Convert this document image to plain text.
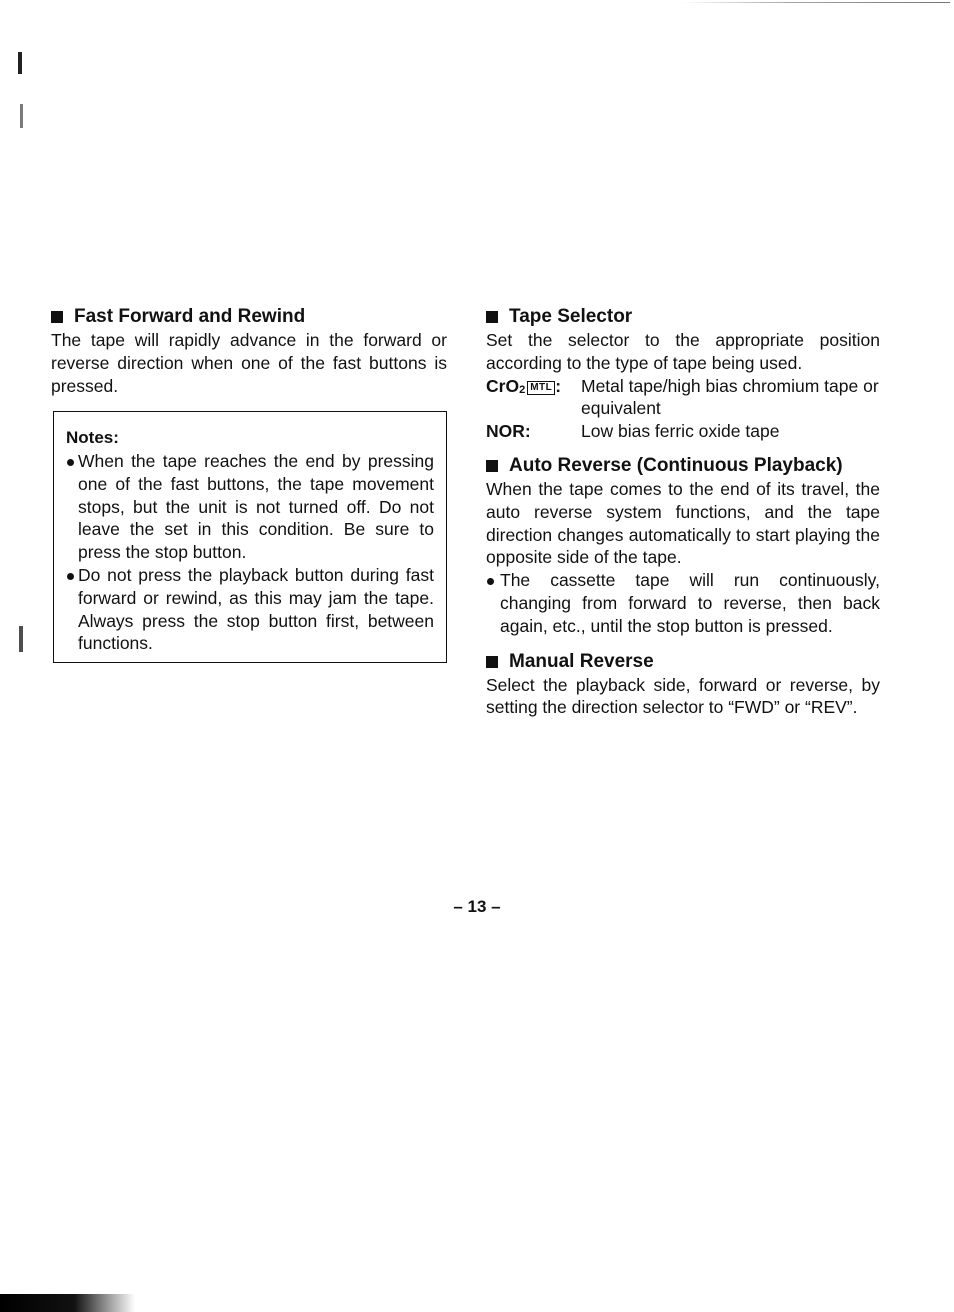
Fast Forward and Rewind

The tape will rapidly advance in the forward or reverse direction when one of the fast buttons is pressed.

Notes:
When the tape reaches the end by pressing one of the fast buttons, the tape movement stops, but the unit is not turned off. Do not leave the set in this condition. Be sure to press the stop button.
Do not press the playback button during fast forward or rewind, as this may jam the tape. Always press the stop button first, between functions.
Tape Selector

Set the selector to the appropriate position according to the type of tape being used.

CrO2 MTL :	Metal tape/high bias chromium tape or equivalent
NOR:	Low bias ferric oxide tape
Auto Reverse (Continuous Playback)

When the tape comes to the end of its travel, the auto reverse system functions, and the tape direction changes automatically to start playing the opposite side of the tape.

The cassette tape will run continuously, changing from forward to reverse, then back again, etc., until the stop button is pressed.

Manual Reverse

Select the playback side, forward or reverse, by setting the direction selector to “FWD” or “REV”.

– 13 –
